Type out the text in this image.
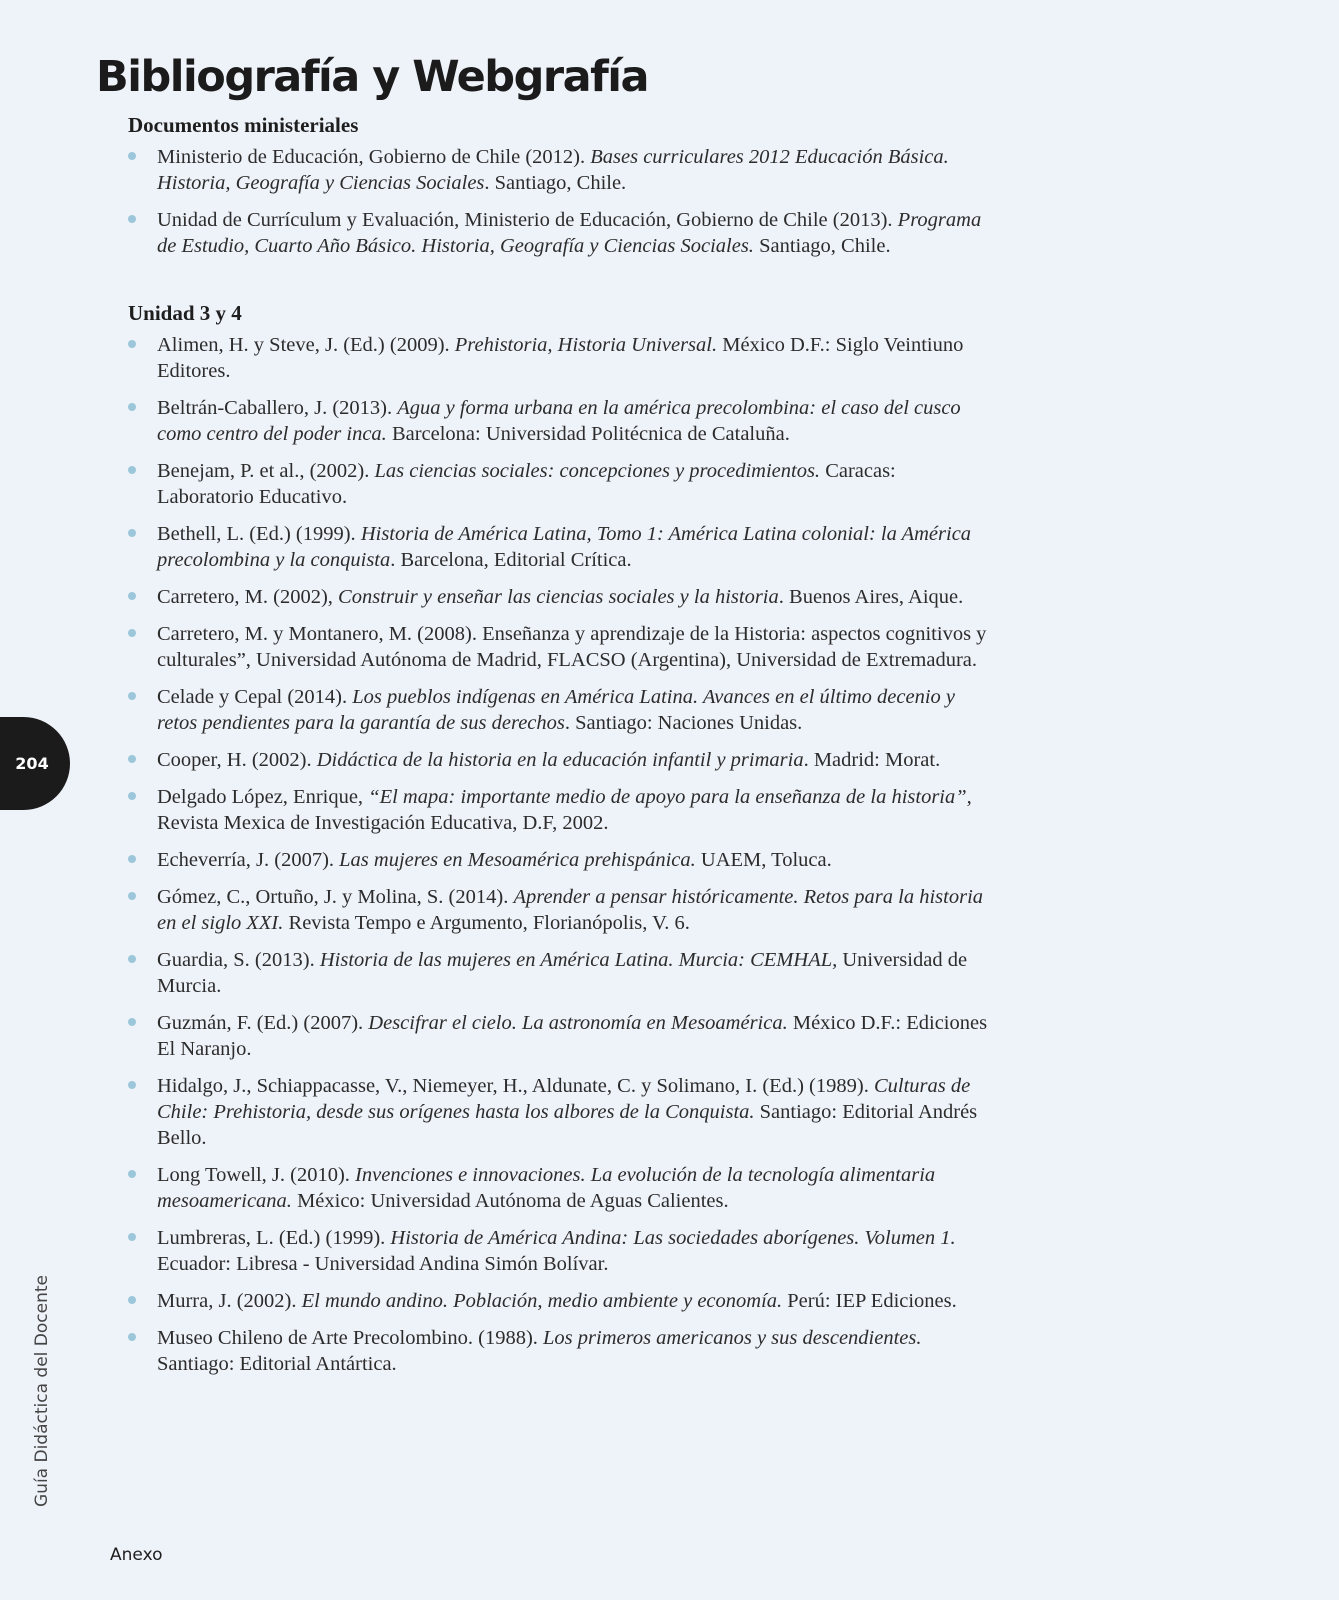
Bibliografía y Webgrafía
Documentos ministeriales
Ministerio de Educación, Gobierno de Chile (2012). Bases curriculares 2012 Educación Básica. Historia, Geografía y Ciencias Sociales. Santiago, Chile.
Unidad de Currículum y Evaluación, Ministerio de Educación, Gobierno de Chile (2013). Programa de Estudio, Cuarto Año Básico. Historia, Geografía y Ciencias Sociales. Santiago, Chile.
Unidad 3 y 4
Alimen, H. y Steve, J. (Ed.) (2009). Prehistoria, Historia Universal. México D.F.: Siglo Veintiuno Editores.
Beltrán-Caballero, J. (2013). Agua y forma urbana en la américa precolombina: el caso del cusco como centro del poder inca. Barcelona: Universidad Politécnica de Cataluña.
Benejam, P. et al., (2002). Las ciencias sociales: concepciones y procedimientos. Caracas: Laboratorio Educativo.
Bethell, L. (Ed.) (1999). Historia de América Latina, Tomo 1: América Latina colonial: la América precolombina y la conquista. Barcelona, Editorial Crítica.
Carretero, M. (2002), Construir y enseñar las ciencias sociales y la historia. Buenos Aires, Aique.
Carretero, M. y Montanero, M. (2008). Enseñanza y aprendizaje de la Historia: aspectos cognitivos y culturales”, Universidad Autónoma de Madrid, FLACSO (Argentina), Universidad de Extremadura.
Celade y Cepal (2014). Los pueblos indígenas en América Latina. Avances en el último decenio y retos pendientes para la garantía de sus derechos. Santiago: Naciones Unidas.
Cooper, H. (2002). Didáctica de la historia en la educación infantil y primaria. Madrid: Morat.
Delgado López, Enrique, “El mapa: importante medio de apoyo para la enseñanza de la historia”, Revista Mexica de Investigación Educativa, D.F, 2002.
Echeverría, J. (2007). Las mujeres en Mesoamérica prehispánica. UAEM, Toluca.
Gómez, C., Ortuño, J. y Molina, S. (2014). Aprender a pensar históricamente. Retos para la historia en el siglo XXI. Revista Tempo e Argumento, Florianópolis, V. 6.
Guardia, S. (2013). Historia de las mujeres en América Latina. Murcia: CEMHAL, Universidad de Murcia.
Guzmán, F. (Ed.) (2007). Descifrar el cielo. La astronomía en Mesoamérica. México D.F.: Ediciones El Naranjo.
Hidalgo, J., Schiappacasse, V., Niemeyer, H., Aldunate, C. y Solimano, I. (Ed.) (1989). Culturas de Chile: Prehistoria, desde sus orígenes hasta los albores de la Conquista. Santiago: Editorial Andrés Bello.
Long Towell, J. (2010). Invenciones e innovaciones. La evolución de la tecnología alimentaria mesoamericana. México: Universidad Autónoma de Aguas Calientes.
Lumbreras, L. (Ed.) (1999). Historia de América Andina: Las sociedades aborígenes. Volumen 1. Ecuador: Libresa - Universidad Andina Simón Bolívar.
Murra, J. (2002). El mundo andino. Población, medio ambiente y economía. Perú: IEP Ediciones.
Museo Chileno de Arte Precolombino. (1988). Los primeros americanos y sus descendientes. Santiago: Editorial Antártica.
204
Guía Didáctica del Docente
Anexo
